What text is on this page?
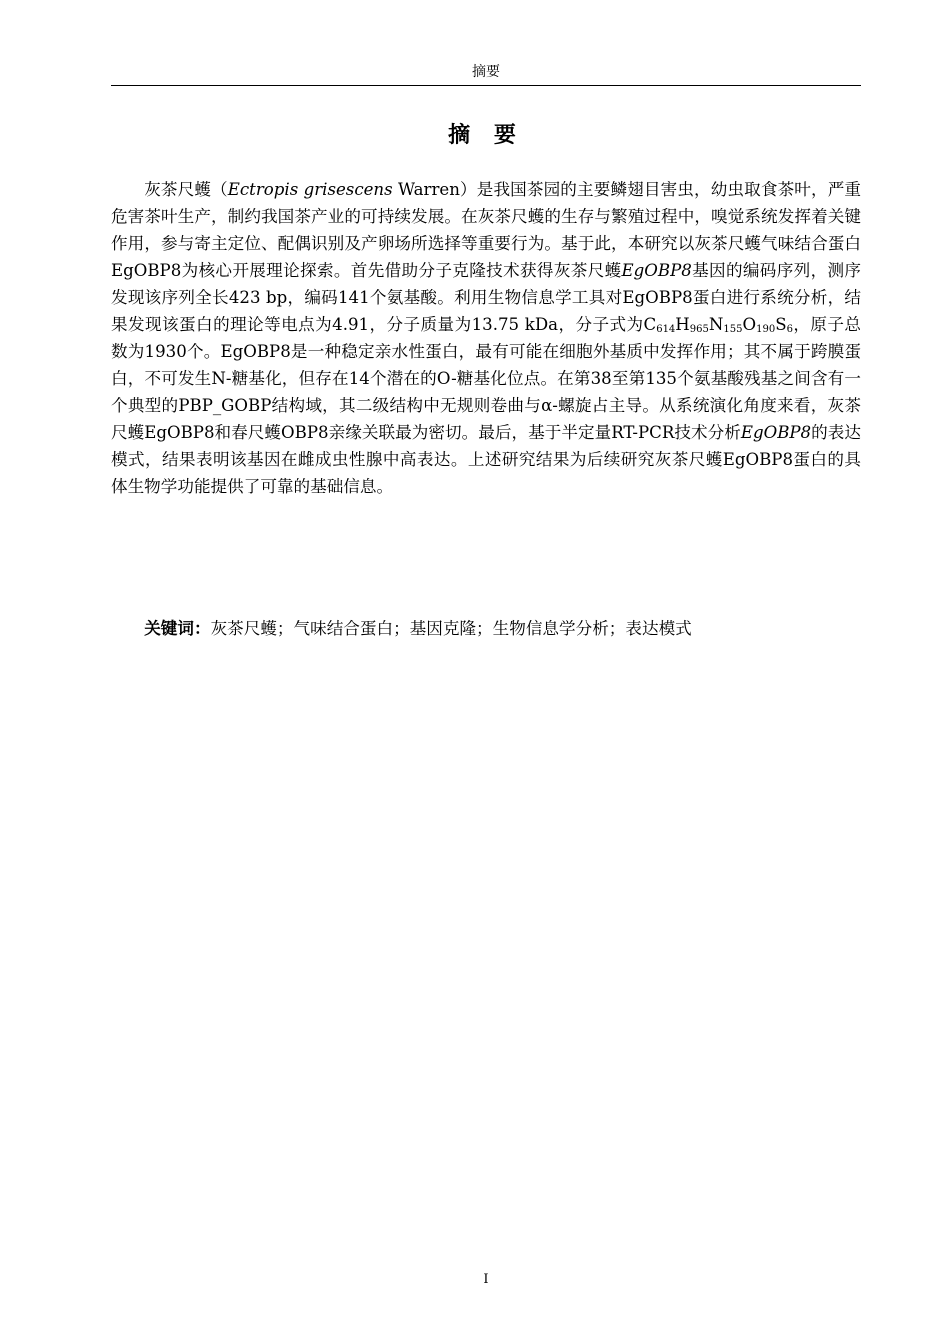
摘要
摘 要

灰茶尺蠖（Ectropis grisescens Warren）是我国茶园的主要鳞翅目害虫，幼虫取食茶叶，严重危害茶叶生产，制约我国茶产业的可持续发展。在灰茶尺蠖的生存与繁殖过程中，嗅觉系统发挥着关键作用，参与寄主定位、配偶识别及产卵场所选择等重要行为。基于此，本研究以灰茶尺蠖气味结合蛋白EgOBP8为核心开展理论探索。首先借助分子克隆技术获得灰茶尺蠖EgOBP8基因的编码序列，测序发现该序列全长423 bp，编码141个氨基酸。利用生物信息学工具对EgOBP8蛋白进行系统分析，结果发现该蛋白的理论等电点为4.91，分子质量为13.75 kDa，分子式为$C_{614}H_{965}N_{155}O_{190}S_6$，原子总数为1930个。EgOBP8是一种稳定亲水性蛋白，最有可能在细胞外基质中发挥作用；其不属于跨膜蛋白，不可发生N-糖基化，但存在14个潜在的O-糖基化位点。在第38至第135个氨基酸残基之间含有一个典型的PBP_GOBP结构域，其二级结构中无规则卷曲与α-螺旋占主导。从系统演化角度来看，灰茶尺蠖EgOBP8和春尺蠖OBP8亲缘关联最为密切。最后，基于半定量RT-PCR技术分析EgOBP8的表达模式，结果表明该基因在雌成虫性腺中高表达。上述研究结果为后续研究灰茶尺蠖EgOBP8蛋白的具体生物学功能提供了可靠的基础信息。

关键词：灰茶尺蠖；气味结合蛋白；基因克隆；生物信息学分析；表达模式

I
